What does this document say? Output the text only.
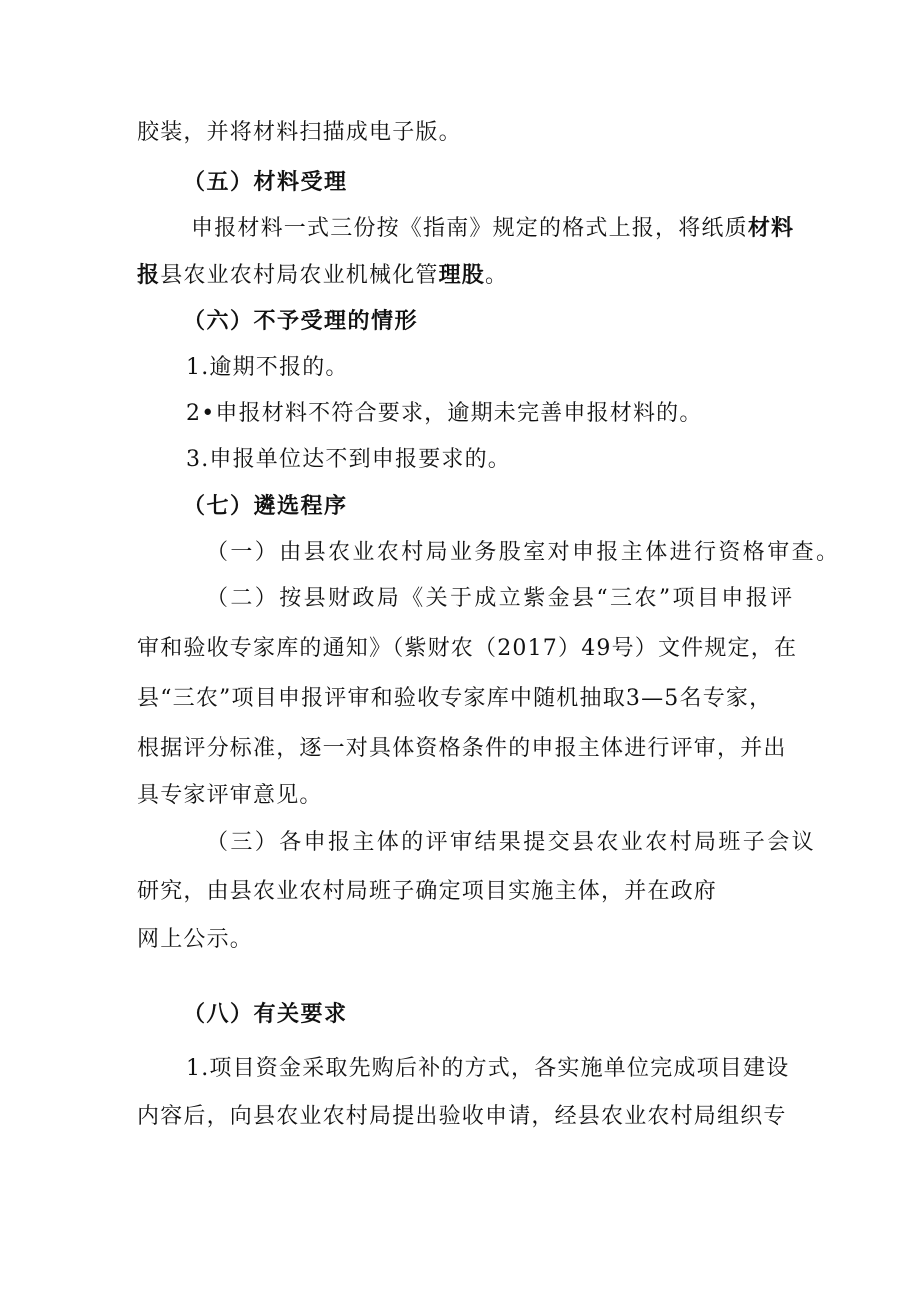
胶装，并将材料扫描成电子版。
（五）材料受理
申报材料一式三份按《指南》规定的格式上报，将纸质材料
报县农业农村局农业机械化管理股。
（六）不予受理的情形
1.逾期不报的。
2•申报材料不符合要求，逾期未完善申报材料的。
3.申报单位达不到申报要求的。
（七）遴选程序
（一）由县农业农村局业务股室对申报主体进行资格审查。
（二）按县财政局《关于成立紫金县“三农”项目申报评
审和验收专家库的通知》（紫财农（2017）49号）文件规定，在
县“三农”项目申报评审和验收专家库中随机抽取3—5名专家，
根据评分标准，逐一对具体资格条件的申报主体进行评审，并出
具专家评审意见。
（三）各申报主体的评审结果提交县农业农村局班子会议
研究，由县农业农村局班子确定项目实施主体，并在政府
网上公示。
（八）有关要求
1.项目资金采取先购后补的方式，各实施单位完成项目建设
内容后，向县农业农村局提出验收申请，经县农业农村局组织专
